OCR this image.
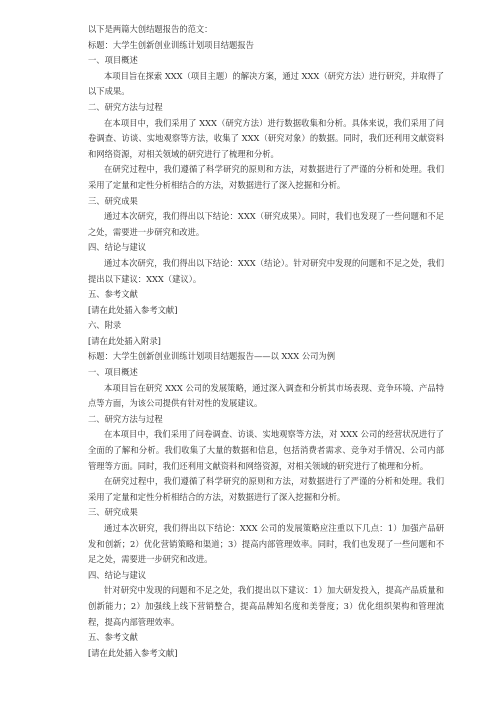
以下是两篇大创结题报告的范文：
标题：大学生创新创业训练计划项目结题报告
一、项目概述

本项目旨在探索 XXX（项目主题）的解决方案，通过 XXX（研究方法）进行研究，并取得了以下成果。

二、研究方法与过程

在本项目中，我们采用了 XXX（研究方法）进行数据收集和分析。具体来说，我们采用了问卷调查、访谈、实地观察等方法，收集了 XXX（研究对象）的数据。同时，我们还利用文献资料和网络资源，对相关领域的研究进行了梳理和分析。

在研究过程中，我们遵循了科学研究的原则和方法，对数据进行了严谨的分析和处理。我们采用了定量和定性分析相结合的方法，对数据进行了深入挖掘和分析。

三、研究成果

通过本次研究，我们得出以下结论：XXX（研究成果）。同时，我们也发现了一些问题和不足之处，需要进一步研究和改进。

四、结论与建议

通过本次研究，我们得出以下结论：XXX（结论）。针对研究中发现的问题和不足之处，我们提出以下建议：XXX（建议）。

五、参考文献
[请在此处插入参考文献]
六、附录
[请在此处插入附录]
标题：大学生创新创业训练计划项目结题报告——以 XXX 公司为例
一、项目概述

本项目旨在研究 XXX 公司的发展策略，通过深入调查和分析其市场表现、竞争环境、产品特点等方面，为该公司提供有针对性的发展建议。

二、研究方法与过程

在本项目中，我们采用了问卷调查、访谈、实地观察等方法，对 XXX 公司的经营状况进行了全面的了解和分析。我们收集了大量的数据和信息，包括消费者需求、竞争对手情况、公司内部管理等方面。同时，我们还利用文献资料和网络资源，对相关领域的研究进行了梳理和分析。

在研究过程中，我们遵循了科学研究的原则和方法，对数据进行了严谨的分析和处理。我们采用了定量和定性分析相结合的方法，对数据进行了深入挖掘和分析。

三、研究成果

通过本次研究，我们得出以下结论：XXX 公司的发展策略应注重以下几点：1）加强产品研发和创新；2）优化营销策略和渠道；3）提高内部管理效率。同时，我们也发现了一些问题和不足之处，需要进一步研究和改进。

四、结论与建议

针对研究中发现的问题和不足之处，我们提出以下建议：1）加大研发投入，提高产品质量和创新能力；2）加强线上线下营销整合，提高品牌知名度和美誉度；3）优化组织架构和管理流程，提高内部管理效率。

五、参考文献
[请在此处插入参考文献]
